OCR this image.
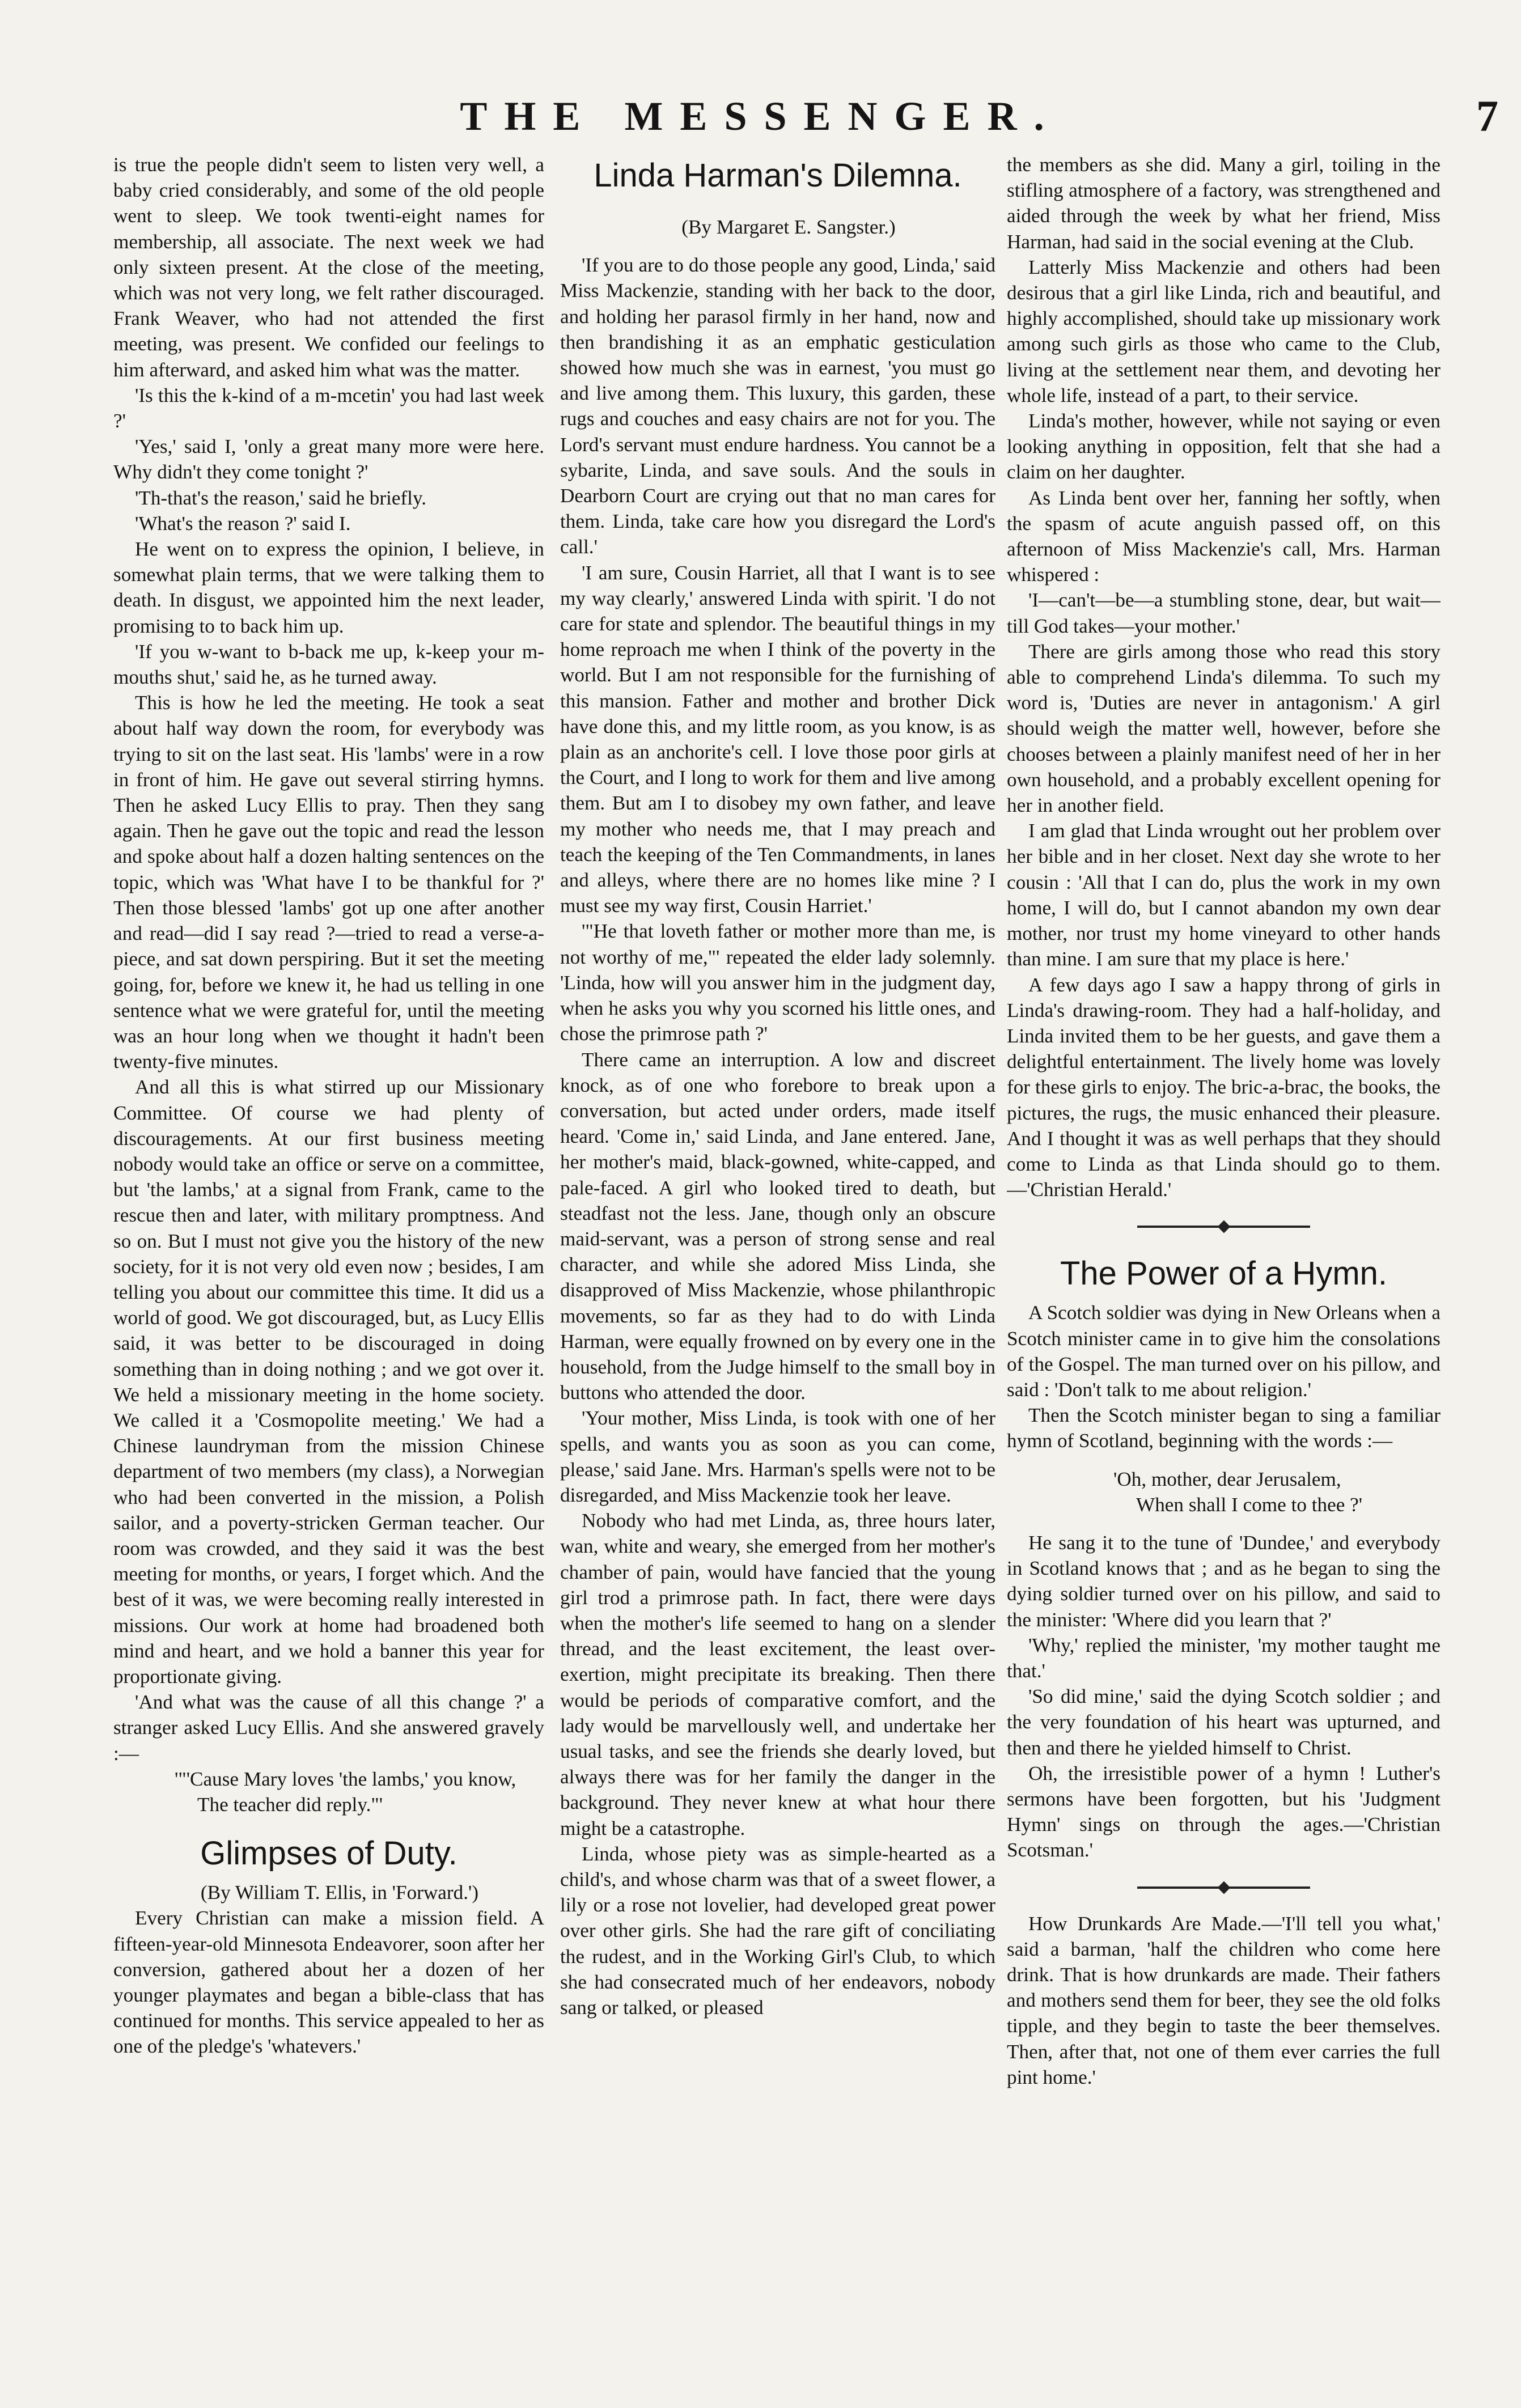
THE MESSENGER.	7

is true the people didn't seem to listen very well, a baby cried considerably, and some of the old people went to sleep. We took twenti-eight names for membership, all associate. The next week we had only sixteen present. At the close of the meeting, which was not very long, we felt rather discouraged. Frank Weaver, who had not attended the first meeting, was present. We confided our feelings to him afterward, and asked him what was the matter.

'Is this the k-kind of a m-mcetin' you had last week ?'

'Yes,' said I, 'only a great many more were here. Why didn't they come tonight ?'

'Th-that's the reason,' said he briefly.

'What's the reason ?' said I.

He went on to express the opinion, I believe, in somewhat plain terms, that we were talking them to death. In disgust, we appointed him the next leader, promising to to back him up.

'If you w-want to b-back me up, k-keep your m-mouths shut,' said he, as he turned away.

This is how he led the meeting. He took a seat about half way down the room, for everybody was trying to sit on the last seat. His 'lambs' were in a row in front of him. He gave out several stirring hymns. Then he asked Lucy Ellis to pray. Then they sang again. Then he gave out the topic and read the lesson and spoke about half a dozen halting sentences on the topic, which was 'What have I to be thankful for ?' Then those blessed 'lambs' got up one after another and read—did I say read ?—tried to read a verse-a-piece, and sat down perspiring. But it set the meeting going, for, before we knew it, he had us telling in one sentence what we were grateful for, until the meeting was an hour long when we thought it hadn't been twenty-five minutes.

And all this is what stirred up our Missionary Committee. Of course we had plenty of discouragements. At our first business meeting nobody would take an office or serve on a committee, but 'the lambs,' at a signal from Frank, came to the rescue then and later, with military promptness. And so on. But I must not give you the history of the new society, for it is not very old even now ; besides, I am telling you about our committee this time. It did us a world of good. We got discouraged, but, as Lucy Ellis said, it was better to be discouraged in doing something than in doing nothing ; and we got over it. We held a missionary meeting in the home society. We called it a 'Cosmopolite meeting.' We had a Chinese laundryman from the mission Chinese department of two members (my class), a Norwegian who had been converted in the mission, a Polish sailor, and a poverty-stricken German teacher. Our room was crowded, and they said it was the best meeting for months, or years, I forget which. And the best of it was, we were becoming really interested in missions. Our work at home had broadened both mind and heart, and we hold a banner this year for proportionate giving.

'And what was the cause of all this change ?' a stranger asked Lucy Ellis. And she answered gravely :—

'"'Cause Mary loves 'the lambs,' you know,

The teacher did reply."'

Glimpses of Duty.

(By William T. Ellis, in 'Forward.')

Every Christian can make a mission field. A fifteen-year-old Minnesota Endeavorer, soon after her conversion, gathered about her a dozen of her younger playmates and began a bible-class that has continued for months. This service appealed to her as one of the pledge's 'whatevers.'

Linda Harman's Dilemna.

(By Margaret E. Sangster.)

'If you are to do those people any good, Linda,' said Miss Mackenzie, standing with her back to the door, and holding her parasol firmly in her hand, now and then brandishing it as an emphatic gesticulation showed how much she was in earnest, 'you must go and live among them. This luxury, this garden, these rugs and couches and easy chairs are not for you. The Lord's servant must endure hardness. You cannot be a sybarite, Linda, and save souls. And the souls in Dearborn Court are crying out that no man cares for them. Linda, take care how you disregard the Lord's call.'

'I am sure, Cousin Harriet, all that I want is to see my way clearly,' answered Linda with spirit. 'I do not care for state and splendor. The beautiful things in my home reproach me when I think of the poverty in the world. But I am not responsible for the furnishing of this mansion. Father and mother and brother Dick have done this, and my little room, as you know, is as plain as an anchorite's cell. I love those poor girls at the Court, and I long to work for them and live among them. But am I to disobey my own father, and leave my mother who needs me, that I may preach and teach the keeping of the Ten Commandments, in lanes and alleys, where there are no homes like mine ? I must see my way first, Cousin Harriet.'

'"He that loveth father or mother more than me, is not worthy of me,"' repeated the elder lady solemnly. 'Linda, how will you answer him in the judgment day, when he asks you why you scorned his little ones, and chose the primrose path ?'

There came an interruption. A low and discreet knock, as of one who forebore to break upon a conversation, but acted under orders, made itself heard. 'Come in,' said Linda, and Jane entered. Jane, her mother's maid, black-gowned, white-capped, and pale-faced. A girl who looked tired to death, but steadfast not the less. Jane, though only an obscure maid-servant, was a person of strong sense and real character, and while she adored Miss Linda, she disapproved of Miss Mackenzie, whose philanthropic movements, so far as they had to do with Linda Harman, were equally frowned on by every one in the household, from the Judge himself to the small boy in buttons who attended the door.

'Your mother, Miss Linda, is took with one of her spells, and wants you as soon as you can come, please,' said Jane. Mrs. Harman's spells were not to be disregarded, and Miss Mackenzie took her leave.

Nobody who had met Linda, as, three hours later, wan, white and weary, she emerged from her mother's chamber of pain, would have fancied that the young girl trod a primrose path. In fact, there were days when the mother's life seemed to hang on a slender thread, and the least excitement, the least over-exertion, might precipitate its breaking. Then there would be periods of comparative comfort, and the lady would be marvellously well, and undertake her usual tasks, and see the friends she dearly loved, but always there was for her family the danger in the background. They never knew at what hour there might be a catastrophe.

Linda, whose piety was as simple-hearted as a child's, and whose charm was that of a sweet flower, a lily or a rose not lovelier, had developed great power over other girls. She had the rare gift of conciliating the rudest, and in the Working Girl's Club, to which she had consecrated much of her endeavors, nobody sang or talked, or pleased

the members as she did. Many a girl, toiling in the stifling atmosphere of a factory, was strengthened and aided through the week by what her friend, Miss Harman, had said in the social evening at the Club.

Latterly Miss Mackenzie and others had been desirous that a girl like Linda, rich and beautiful, and highly accomplished, should take up missionary work among such girls as those who came to the Club, living at the settlement near them, and devoting her whole life, instead of a part, to their service.

Linda's mother, however, while not saying or even looking anything in opposition, felt that she had a claim on her daughter.

As Linda bent over her, fanning her softly, when the spasm of acute anguish passed off, on this afternoon of Miss Mackenzie's call, Mrs. Harman whispered :

'I—can't—be—a stumbling stone, dear, but wait—till God takes—your mother.'

There are girls among those who read this story able to comprehend Linda's dilemma. To such my word is, 'Duties are never in antagonism.' A girl should weigh the matter well, however, before she chooses between a plainly manifest need of her in her own household, and a probably excellent opening for her in another field.

I am glad that Linda wrought out her problem over her bible and in her closet. Next day she wrote to her cousin : 'All that I can do, plus the work in my own home, I will do, but I cannot abandon my own dear mother, nor trust my home vineyard to other hands than mine. I am sure that my place is here.'

A few days ago I saw a happy throng of girls in Linda's drawing-room. They had a half-holiday, and Linda invited them to be her guests, and gave them a delightful entertainment. The lively home was lovely for these girls to enjoy. The bric-a-brac, the books, the pictures, the rugs, the music enhanced their pleasure. And I thought it was as well perhaps that they should come to Linda as that Linda should go to them.—'Christian Herald.'

The Power of a Hymn.

A Scotch soldier was dying in New Orleans when a Scotch minister came in to give him the consolations of the Gospel. The man turned over on his pillow, and said : 'Don't talk to me about religion.'

Then the Scotch minister began to sing a familiar hymn of Scotland, beginning with the words :—

'Oh, mother, dear Jerusalem,

When shall I come to thee ?'

He sang it to the tune of 'Dundee,' and everybody in Scotland knows that ; and as he began to sing the dying soldier turned over on his pillow, and said to the minister: 'Where did you learn that ?'

'Why,' replied the minister, 'my mother taught me that.'

'So did mine,' said the dying Scotch soldier ; and the very foundation of his heart was upturned, and then and there he yielded himself to Christ.

Oh, the irresistible power of a hymn ! Luther's sermons have been forgotten, but his 'Judgment Hymn' sings on through the ages.—'Christian Scotsman.'

How Drunkards Are Made.—'I'll tell you what,' said a barman, 'half the children who come here drink. That is how drunkards are made. Their fathers and mothers send them for beer, they see the old folks tipple, and they begin to taste the beer themselves. Then, after that, not one of them ever carries the full pint home.'
